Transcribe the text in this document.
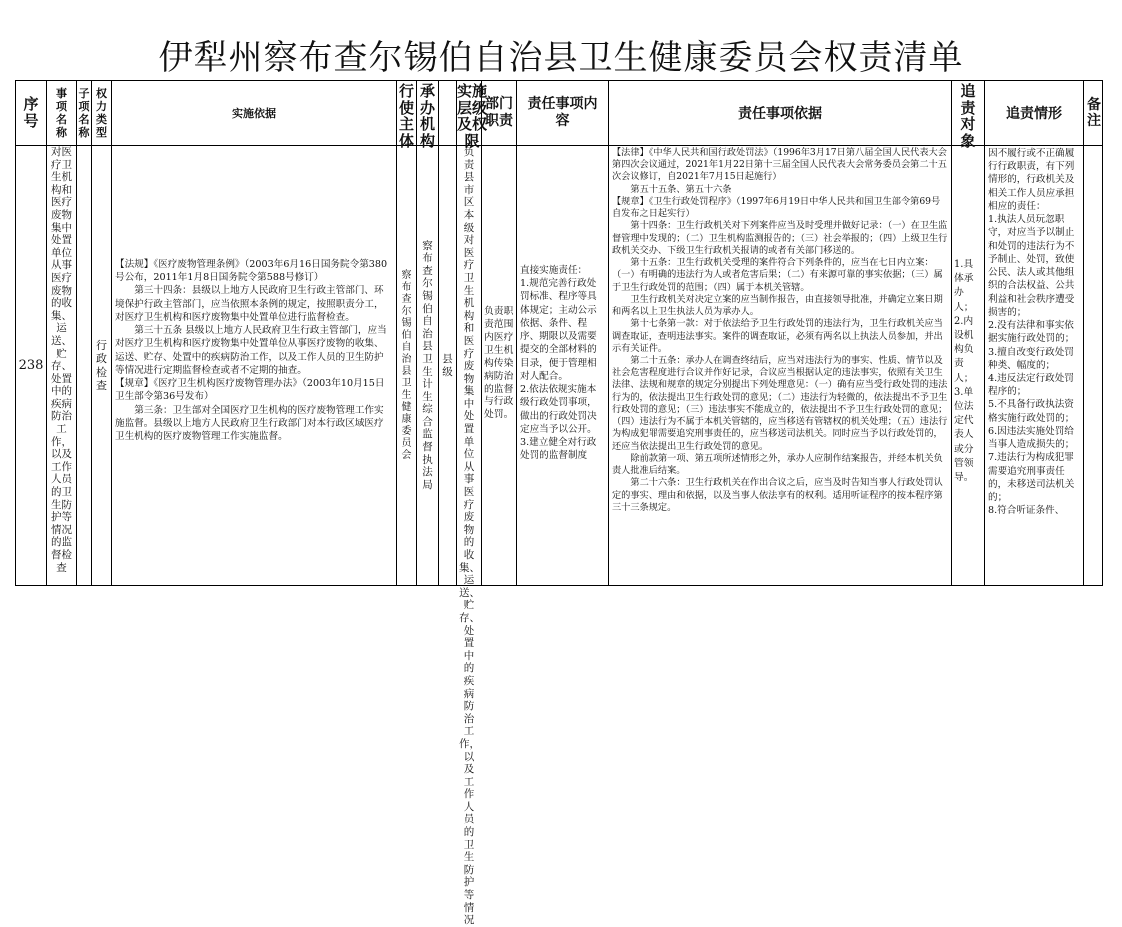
伊犁州察布查尔锡伯自治县卫生健康委员会权责清单
序号
事项名称
子项名称
权力类型
实施依据
行使主体
承办机构
实施层级及权限
部门职责
责任事项内容	责任事项依据
追责对象
追责情形
备注
238
对医疗卫生机构和医疗废物集中处置单位从事医疗废物的收集、运送、贮存、处置中的疾病防治工作，以及工作人员的卫生防护等情况的监督检查
行政检查

【法规】《医疗废物管理条例》（2003年6月16日国务院令第380号公布，2011年1月8日国务院令第588号修订）

第三十四条：县级以上地方人民政府卫生行政主管部门、环境保护行政主管部门，应当依照本条例的规定，按照职责分工，对医疗卫生机构和医疗废物集中处置单位进行监督检查。

第三十五条 县级以上地方人民政府卫生行政主管部门，应当对医疗卫生机构和医疗废物集中处置单位从事医疗废物的收集、运送、贮存、处置中的疾病防治工作，以及工作人员的卫生防护等情况进行定期监督检查或者不定期的抽查。

【规章】《医疗卫生机构医疗废物管理办法》（2003年10月15日卫生部令第36号发布）

第三条：卫生部对全国医疗卫生机构的医疗废物管理工作实施监督。县级以上地方人民政府卫生行政部门对本行政区域医疗卫生机构的医疗废物管理工作实施监督。

察布查尔锡伯自治县卫生健康委员会
察布查尔锡伯自治县卫生计生综合监督执法局
县级
负责县市区本级对医疗卫生机构和医疗废物集中处置单位从事医疗废物的收集、运送、贮存、处置中的疾病防治工作，以及工作人员的卫生防护等情况
负责职责范围内医疗卫生机构传染病防治的监督与行政处罚。

直接实施责任：

1.规范完善行政处罚标准、程序等具体规定；主动公示依据、条件、程序、期限以及需要提交的全部材料的目录，便于管理相对人配合。

2.依法依规实施本级行政处罚事项，做出的行政处罚决定应当予以公开。

3.建立健全对行政处罚的监督制度

【法律】《中华人民共和国行政处罚法》（1996年3月17日第八届全国人民代表大会第四次会议通过，2021年1月22日第十三届全国人民代表大会常务委员会第二十五次会议修订，自2021年7月15日起施行）

第五十五条、第五十六条

【规章】《卫生行政处罚程序》（1997年6月19日中华人民共和国卫生部令第69号 自发布之日起实行）

第十四条：卫生行政机关对下列案件应当及时受理并做好记录：（一）在卫生监督管理中发现的；（二）卫生机构监测报告的；（三）社会举报的；（四）上级卫生行政机关交办、下级卫生行政机关报请的或者有关部门移送的。

第十五条：卫生行政机关受理的案件符合下列条件的，应当在七日内立案：（一）有明确的违法行为人或者危害后果；（二）有来源可靠的事实依据；（三）属于卫生行政处罚的范围；（四）属于本机关管辖。

卫生行政机关对决定立案的应当制作报告，由直接领导批准，并确定立案日期和两名以上卫生执法人员为承办人。

第十七条第一款：对于依法给予卫生行政处罚的违法行为，卫生行政机关应当调查取证，查明违法事实。案件的调查取证，必须有两名以上执法人员参加，并出示有关证件。

第二十五条：承办人在调查终结后，应当对违法行为的事实、性质、情节以及社会危害程度进行合议并作好记录，合议应当根据认定的违法事实，依照有关卫生法律、法规和规章的规定分别提出下列处理意见：（一）确有应当受行政处罚的违法行为的，依法提出卫生行政处罚的意见；（二）违法行为轻微的，依法提出不予卫生行政处罚的意见；（三）违法事实不能成立的，依法提出不予卫生行政处罚的意见；（四）违法行为不属于本机关管辖的，应当移送有管辖权的机关处理；（五）违法行为构成犯罪需要追究刑事责任的，应当移送司法机关。同时应当予以行政处罚的，还应当依法提出卫生行政处罚的意见。

除前款第一项、第五项所述情形之外，承办人应制作结案报告，并经本机关负责人批准后结案。

第二十六条：卫生行政机关在作出合议之后，应当及时告知当事人行政处罚认定的事实、理由和依据，以及当事人依法享有的权利。适用听证程序的按本程序第三十三条规定。

1.具体承办人；

2.内设机构负责人；

3.单位法定代表人或分管领导。

因不履行或不正确履行行政职责，有下列情形的，行政机关及相关工作人员应承担相应的责任：

1.执法人员玩忽职守，对应当予以制止和处罚的违法行为不予制止、处罚，致使公民、法人或其他组织的合法权益、公共利益和社会秩序遭受损害的；

2.没有法律和事实依据实施行政处罚的；

3.擅自改变行政处罚种类、幅度的；

4.违反法定行政处罚程序的；

5.不具备行政执法资格实施行政处罚的；

6.因违法实施处罚给当事人造成损失的；

7.违法行为构成犯罪需要追究刑事责任的，未移送司法机关的；

8.符合听证条件、
